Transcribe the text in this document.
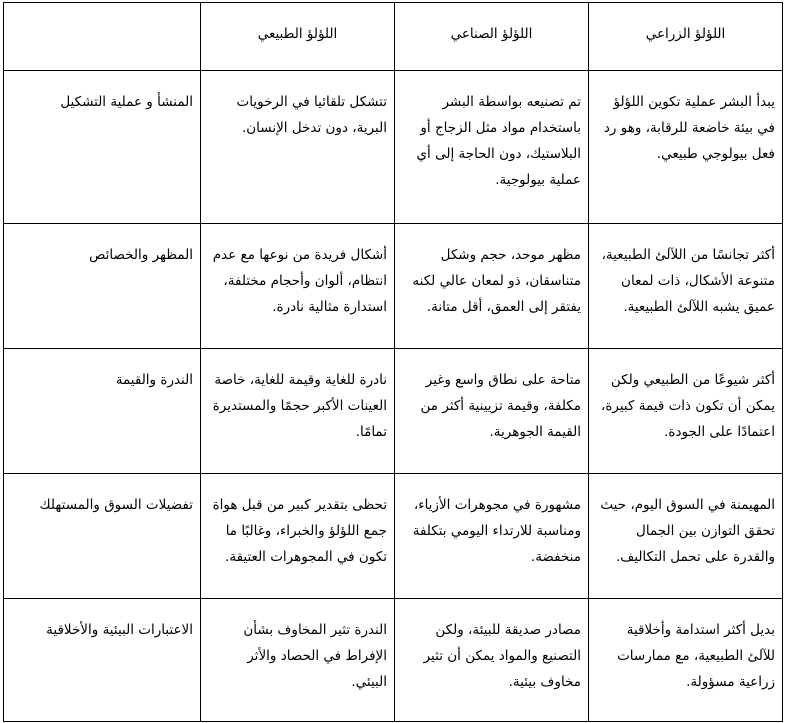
اللؤلؤ الزراعي	اللؤلؤ الصناعي	اللؤلؤ الطبيعي	
يبدأ البشر عملية تكوين اللؤلؤ في بيئة خاضعة للرقابة، وهو رد فعل بيولوجي طبيعي.	تم تصنيعه بواسطة البشر باستخدام مواد مثل الزجاج أو البلاستيك، دون الحاجة إلى أي عملية بيولوجية.	تتشكل تلقائيا في الرخويات البرية، دون تدخل الإنسان.	المنشأ و عملية التشكيل
أكثر تجانسًا من اللآلئ الطبيعية، متنوعة الأشكال، ذات لمعان عميق يشبه اللآلئ الطبيعية.	مظهر موحد، حجم وشكل متناسقان، ذو لمعان عالي لكنه يفتقر إلى العمق، أقل متانة.	أشكال فريدة من نوعها مع عدم انتظام، ألوان وأحجام مختلفة، استدارة مثالية نادرة.	المظهر والخصائص
أكثر شيوعًا من الطبيعي ولكن يمكن أن تكون ذات قيمة كبيرة، اعتمادًا على الجودة.	متاحة على نطاق واسع وغير مكلفة، وقيمة تزيينية أكثر من القيمة الجوهرية.	نادرة للغاية وقيمة للغاية، خاصة العينات الأكبر حجمًا والمستديرة تمامًا.	الندرة والقيمة
المهيمنة في السوق اليوم، حيث تحقق التوازن بين الجمال والقدرة على تحمل التكاليف.	مشهورة في مجوهرات الأزياء، ومناسبة للارتداء اليومي بتكلفة منخفضة.	تحظى بتقدير كبير من قبل هواة جمع اللؤلؤ والخبراء، وغالبًا ما تكون في المجوهرات العتيقة.	تفضيلات السوق والمستهلك
بديل أكثر استدامة وأخلاقية للآلئ الطبيعية، مع ممارسات زراعية مسؤولة.	مصادر صديقة للبيئة، ولكن التصنيع والمواد يمكن أن تثير مخاوف بيئية.	الندرة تثير المخاوف بشأن الإفراط في الحصاد والأثر البيئي.	الاعتبارات البيئية والأخلاقية
